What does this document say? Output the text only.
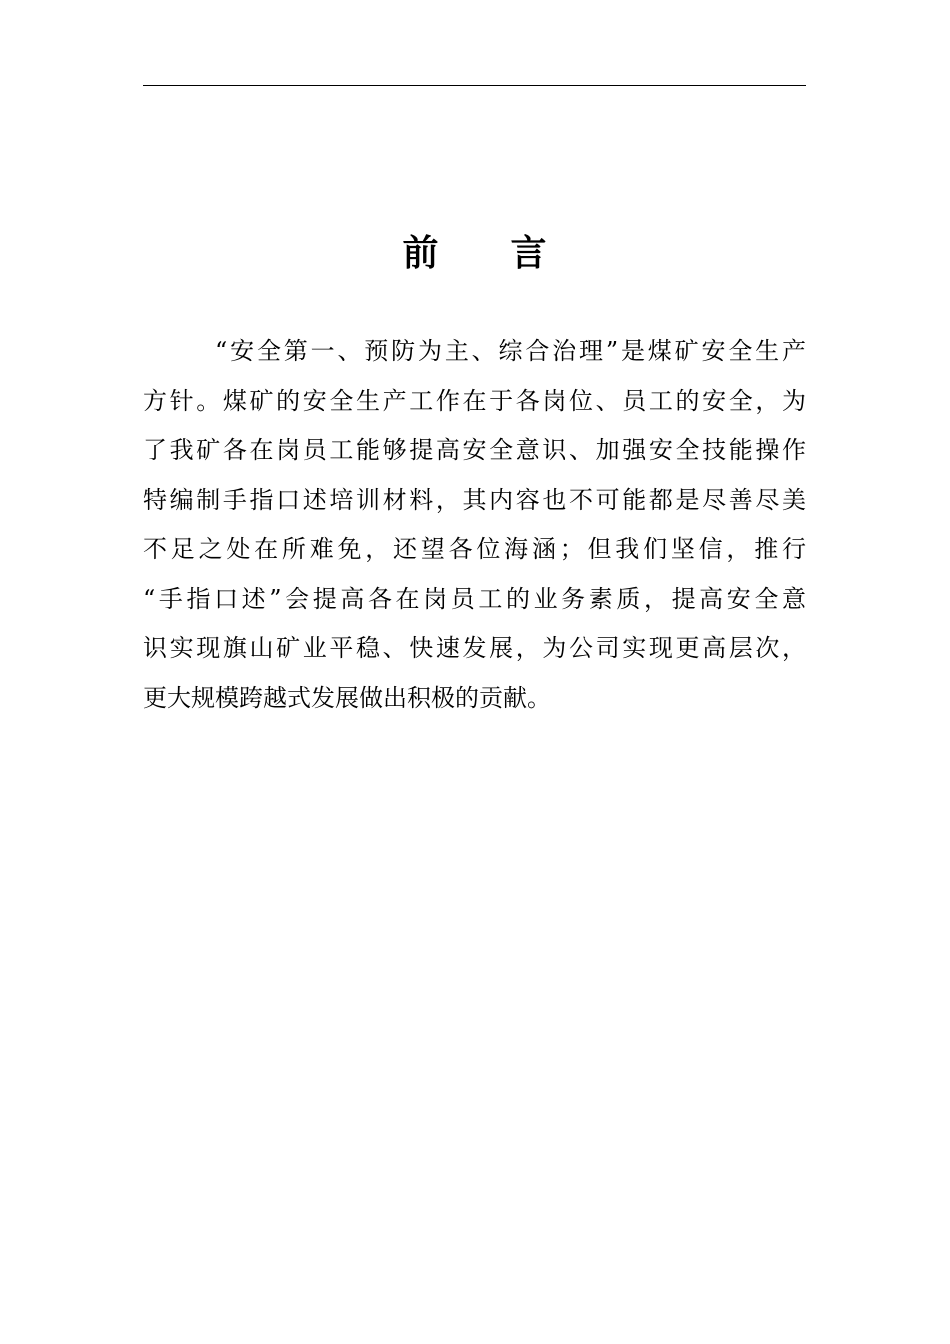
前 言
“安全第一、预防为主、综合治理”是煤矿安全生产
方针。煤矿的安全生产工作在于各岗位、员工的安全，为
了我矿各在岗员工能够提高安全意识、加强安全技能操作
特编制手指口述培训材料，其内容也不可能都是尽善尽美
不足之处在所难免，还望各位海涵；但我们坚信，推行
“手指口述”会提高各在岗员工的业务素质，提高安全意
识实现旗山矿业平稳、快速发展，为公司实现更高层次，
更大规模跨越式发展做出积极的贡献。
